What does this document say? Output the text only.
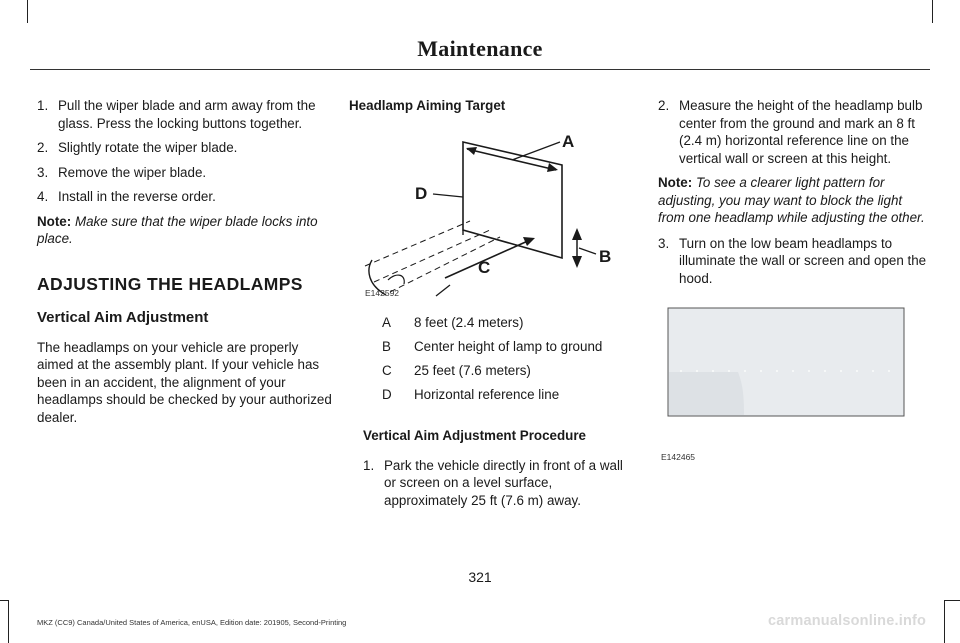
Maintenance
1. Pull the wiper blade and arm away from the glass. Press the locking buttons together.
2. Slightly rotate the wiper blade.
3. Remove the wiper blade.
4. Install in the reverse order.
Note: Make sure that the wiper blade locks into place.
ADJUSTING THE HEADLAMPS
Vertical Aim Adjustment
The headlamps on your vehicle are properly aimed at the assembly plant. If your vehicle has been in an accident, the alignment of your headlamps should be checked by your authorized dealer.
Headlamp Aiming Target
A
D
B
C
E142592
A	8 feet (2.4 meters)
B	Center height of lamp to ground
C	25 feet (7.6 meters)
D	Horizontal reference line
Vertical Aim Adjustment Procedure
1. Park the vehicle directly in front of a wall or screen on a level surface, approximately 25 ft (7.6 m) away.
2. Measure the height of the headlamp bulb center from the ground and mark an 8 ft (2.4 m) horizontal reference line on the vertical wall or screen at this height.
Note: To see a clearer light pattern for adjusting, you may want to block the light from one headlamp while adjusting the other.
3. Turn on the low beam headlamps to illuminate the wall or screen and open the hood.
E142465
321
MKZ (CC9) Canada/United States of America, enUSA, Edition date: 201905, Second-Printing	carmanualsonline.info
